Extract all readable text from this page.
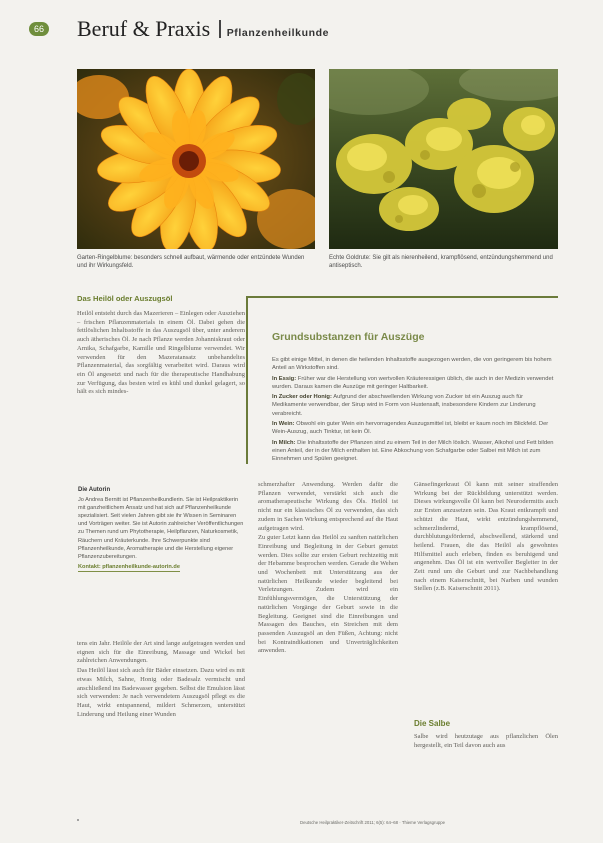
66 Beruf & Praxis Pflanzenheilkunde

Garten-Ringelblume: besonders schnell aufbaut, wärmende oder entzündete Wunden und ihr Wirkungsfeld.

Echte Goldrute: Sie gilt als nierenheilend, krampflösend, entzündungshemmend und antiseptisch.

Das Heilöl oder Auszugsöl

Heilöl entsteht durch das Mazerieren – Einlegen oder Ausziehen – frischen Pflanzenmaterials in einem Öl. Dabei gehen die fettlöslichen Inhaltsstoffe in das Auszugsöl über, unter anderem auch ätherisches Öl. Je nach Pflanze werden Johanniskraut oder Arnika, Schafgarbe, Kamille und Ringelblume verwendet. Wir verwenden für den Mazeratansatz unbehandeltes Pflanzenmaterial, das sorgfältig verarbeitet wird. Daraus wird ein Öl angesetzt und nach für die therapeutische Handhabung zur Verfügung, das besten wird es kühl und dunkel gelagert, so hält es sich mindes-

Grundsubstanzen für Auszüge

Es gibt einige Mittel, in denen die heilenden Inhaltsstoffe ausgezogen werden, die von geringerem bis hohem Anteil an Wirkstoffen sind.

In Essig: Früher war die Herstellung von wertvollen Kräuteressigen üblich, die auch in der Medizin verwendet wurden. Daraus kamen die Auszüge mit geringer Haltbarkeit.

In Zucker oder Honig: Aufgrund der abschwellenden Wirkung von Zucker ist ein Auszug auch für Medikamente verwendbar, der Sirup wird in Form von Hustensaft, insbesondere Kindern zur Linderung verabreicht.

In Wein: Obwohl ein guter Wein ein hervorragendes Auszugsmittel ist, bleibt er kaum noch im Blickfeld. Der Wein-Auszug, auch Tinktur, ist kein Öl.

In Milch: Die Inhaltsstoffe der Pflanzen sind zu einem Teil in der Milch löslich. Wasser, Alkohol und Fett bilden einen Anteil, der in der Milch enthalten ist. Eine Abkochung von Schafgarbe oder Salbei mit Milch ist zum Einnehmen und Spülen geeignet.

Die Autorin
Jo Andrea Bernitt ist Pflanzenheilkundlerin. Sie ist Heilpraktikerin mit ganzheitlichem Ansatz und hat sich auf Pflanzenheilkunde spezialisiert. Seit vielen Jahren gibt sie ihr Wissen in Seminaren und Vorträgen weiter. Sie ist Autorin zahlreicher Veröffentlichungen zu Themen rund um Phytotherapie, Heilpflanzen, Naturkosmetik, Räuchern und Kräuterkunde. Ihre Schwerpunkte sind Pflanzenheilkunde, Aromatherapie und die Herstellung eigener Pflanzenzubereitungen.
Kontakt: pflanzenheilkunde-autorin.de

tens ein Jahr. Heilöle der Art sind lange aufgetragen werden und eignen sich für die Einreibung, Massage und Wickel bei zahlreichen Anwendungen.

Das Heilöl lässt sich auch für Bäder einsetzen. Dazu wird es mit etwas Milch, Sahne, Honig oder Badesalz vermischt und anschließend ins Badewasser gegeben. Selbst die Emulsion lässt sich verwenden: Je nach verwendetem Auszugsöl pflegt es die Haut, wirkt entspannend, mildert Schmerzen, unterstützt Linderung und Heilung einer Wunden

schmerzhafter Anwendung. Werden dafür die Pflanzen verwendet, verstärkt sich auch die aromatherapeutische Wirkung des Öls. Heilöl ist nicht nur ein klassisches Öl zu verwenden, das sich zudem in Sachen Wirkung entsprechend auf die Haut aufgetragen wird.

Zu guter Letzt kann das Heilöl zu sanften natürlichen Einreibung und Begleitung in der Geburt genutzt werden. Dies sollte zur ersten Geburt rechtzeitig mit der Hebamme besprochen werden. Gerade die Wehen und Wochenbett mit Unterstützung aus der natürlichen Heilkunde wieder begleitend bei Verletzungen. Zudem wird ein Einfühlungsvermögen, die Unterstützung der natürlichen Vorgänge der Geburt sowie in die Begleitung. Geeignet sind die Einreibungen und Massagen des Bauches, ein Streichen mit dem passenden Auszugsöl an den Füßen, Achtung: nicht bei Kontraindikationen und Unverträglichkeiten anwenden.

Gänsefingerkraut Öl kann mit seiner straffenden Wirkung bei der Rückbildung unterstützt werden. Dieses wirkungsvolle Öl kann bei Neurodermitis auch zur Ersten anzusetzen sein. Das Kraut entkrampft und schützt die Haut, wirkt entzündungshemmend, schmerzlindernd, krampflösend, durchblutungsfördernd, abschwellend, stärkend und heilend. Frauen, die das Heilöl als gewohntes Hilfsmittel auch erleben, finden es beruhigend und angenehm. Das Öl ist ein wertvoller Begleiter in der Zeit rund um die Geburt und zur Nachbehandlung nach einem Kaiserschnitt, bei Narben und wunden Stellen (z.B. Kaiserschnitt 2011).

Die Salbe

Salbe wird heutzutage aus pflanzlichen Ölen hergestellt, ein Teil davon auch aus

Deutsche Heilpraktiker-Zeitschrift 2011; 6(5): 64–68 · Thieme Verlagsgruppe
